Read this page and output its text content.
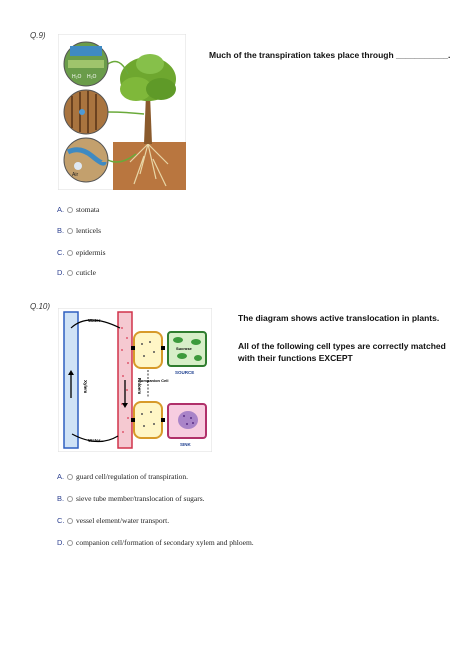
Q.9)
H₂O H₂O
Air
Much of the transpiration takes place through ___________.
A.	stomata
B.	lenticels
C.	epidermis
D.	cuticle
Q.10)
Water
Water
Xylem	Phloem
Companion Cell
Sucrose
SOURCE
SINK
The diagram shows active translocation in plants.
All of the following cell types are correctly matched with their functions EXCEPT
A.	guard cell/regulation of transpiration.
B.	sieve tube member/translocation of sugars.
C.	vessel element/water transport.
D.	companion cell/formation of secondary xylem and phloem.
